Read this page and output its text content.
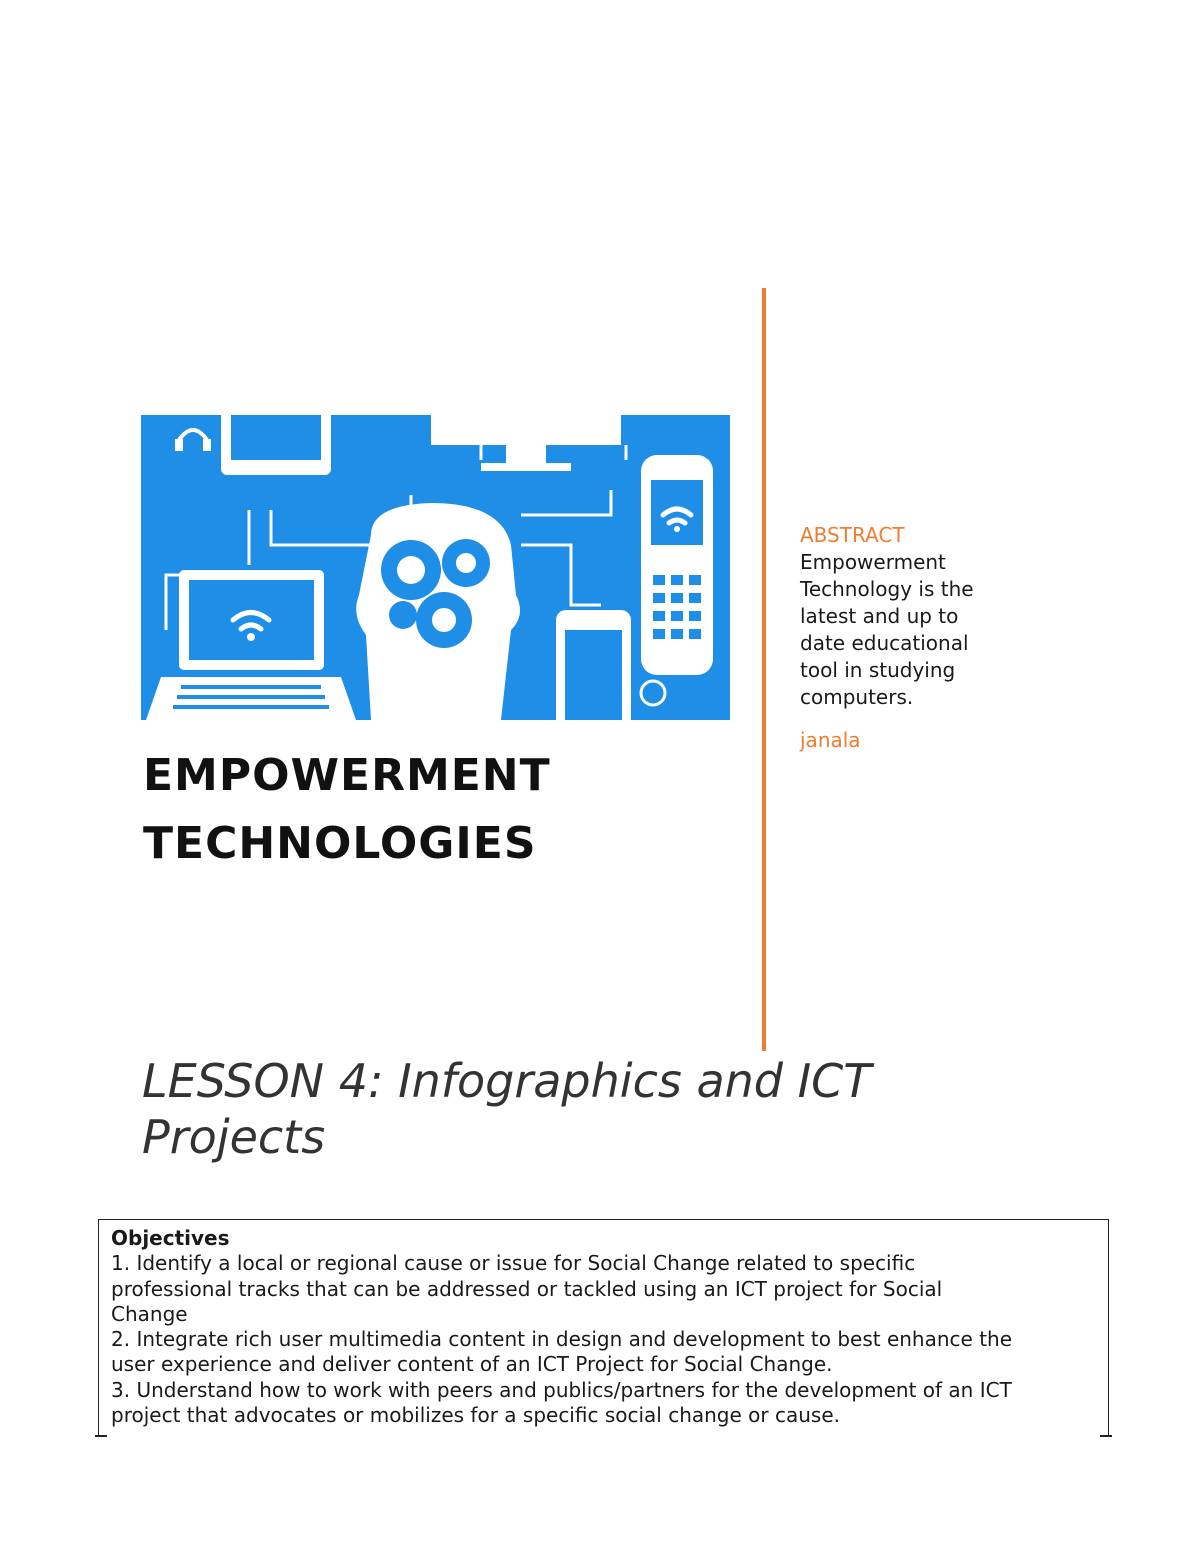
EMPOWERMENT
TECHNOLOGIES
ABSTRACT
Empowerment
Technology is the
latest and up to
date educational
tool in studying
computers.
janala
LESSON 4: Infographics and ICT
Projects
Objectives
1. Identify a local or regional cause or issue for Social Change related to specific
professional tracks that can be addressed or tackled using an ICT project for Social
Change
2. Integrate rich user multimedia content in design and development to best enhance the
user experience and deliver content of an ICT Project for Social Change.
3. Understand how to work with peers and publics/partners for the development of an ICT
project that advocates or mobilizes for a specific social change or cause.
